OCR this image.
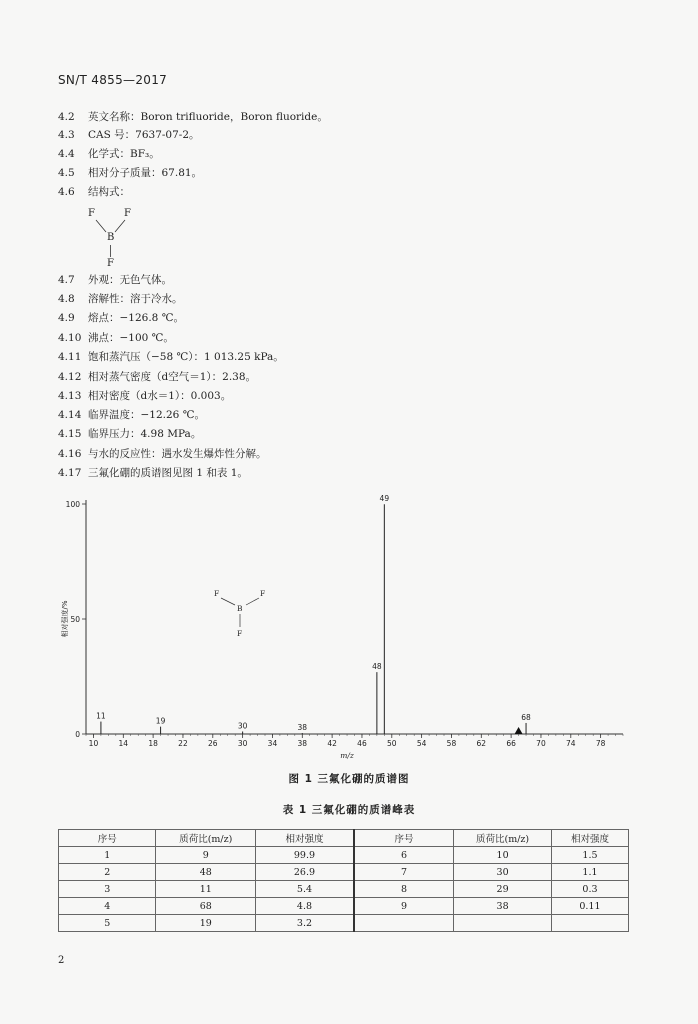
SN/T 4855—2017
4.2 英文名称：Boron trifluoride，Boron fluoride。
4.3 CAS 号：7637-07-2。
4.4 化学式：BF₃。
4.5 相对分子质量：67.81。
4.6 结构式：
4.7 外观：无色气体。
4.8 溶解性：溶于冷水。
4.9 熔点：−126.8 ℃。
4.10 沸点：−100 ℃。
4.11 饱和蒸汽压（−58 ℃）：1 013.25 kPa。
4.12 相对蒸气密度（d空气＝1）：2.38。
4.13 相对密度（d水＝1）：0.003。
4.14 临界温度：−12.26 ℃。
4.15 临界压力：4.98 MPa。
4.16 与水的反应性：遇水发生爆炸性分解。
4.17 三氟化硼的质谱图见图 1 和表 1。
F	F
B
F
10	14	18	22	26	30	34	38	42	46	50	54	58	62	66	70	74	78
0
50
100
相对强度/%
m/z
11
19
30	38
48
49
68
F	F
B
F
图 1 三氟化硼的质谱图
表 1 三氟化硼的质谱峰表
序号	质荷比(m/z)	相对强度	序号	质荷比(m/z)	相对强度
1	9	99.9	6	10	1.5
2	48	26.9	7	30	1.1
3	11	5.4	8	29	0.3
4	68	4.8	9	38	0.11
5	19	3.2			
2
